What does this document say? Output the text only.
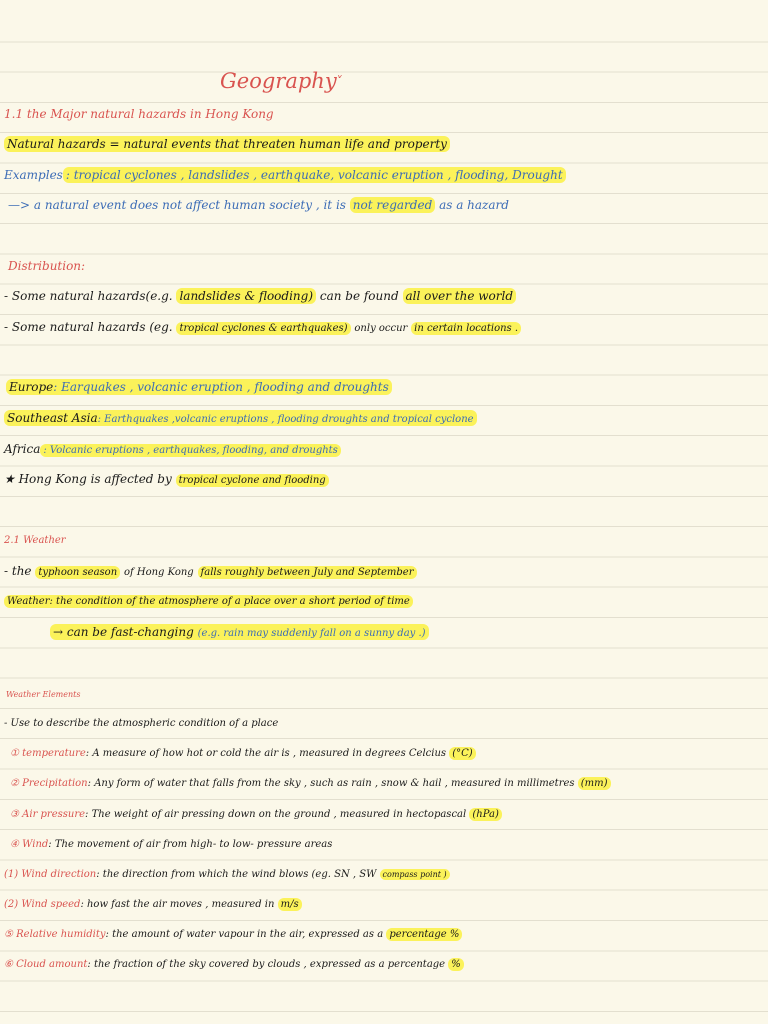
Geography˅
1.1 the Major natural hazards in Hong Kong
Natural hazards = natural events that threaten human life and property
Examples : tropical cyclones , landslides , earthquake, volcanic eruption , flooding, Drought
—> a natural event does not affect human society , it is not regarded as a hazard
Distribution:
- Some natural hazards(e.g. landslides & flooding) can be found all over the world
- Some natural hazards (eg. tropical cyclones & earthquakes) only occur in certain locations .
Europe: Earquakes , volcanic eruption , flooding and droughts
Southeast Asia: Earthquakes ,volcanic eruptions , flooding droughts and tropical cyclone
Africa : Volcanic eruptions , earthquakes, flooding, and droughts
★ Hong Kong is affected by tropical cyclone and flooding
2.1 Weather
- the typhoon season of Hong Kong falls roughly between July and September
Weather: the condition of the atmosphere of a place over a short period of time
→ can be fast-changing (e.g. rain may suddenly fall on a sunny day .)
Weather Elements
- Use to describe the atmospheric condition of a place
① temperature: A measure of how hot or cold the air is , measured in degrees Celcius (°C)
② Precipitation: Any form of water that falls from the sky , such as rain , snow & hail , measured in millimetres (mm)
③ Air pressure: The weight of air pressing down on the ground , measured in hectopascal (hPa)
④ Wind: The movement of air from high- to low- pressure areas
(1) Wind direction: the direction from which the wind blows (eg. SN , SW compass point )
(2) Wind speed: how fast the air moves , measured in m/s
⑤ Relative humidity: the amount of water vapour in the air, expressed as a percentage %
⑥ Cloud amount: the fraction of the sky covered by clouds , expressed as a percentage %
